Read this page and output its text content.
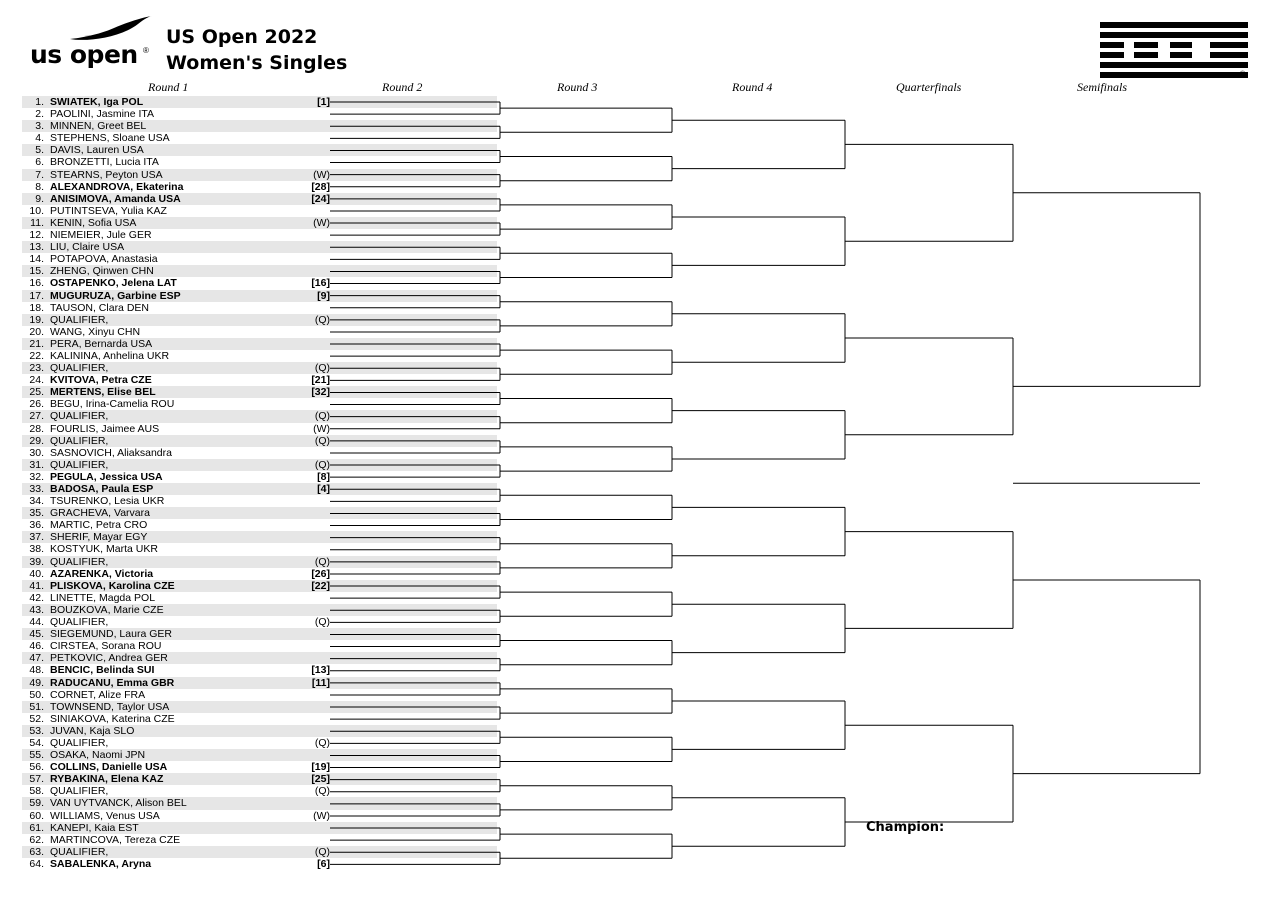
us open ®
US Open 2022
Women's Singles
®
Round 1	Round 2	Round 3	Round 4	Quarterfinals	Semifinals
1. SWIATEK, Iga POL	[1]
2. PAOLINI, Jasmine ITA
3. MINNEN, Greet BEL
4. STEPHENS, Sloane USA
5. DAVIS, Lauren USA
6. BRONZETTI, Lucia ITA
7. STEARNS, Peyton USA	(W)
8. ALEXANDROVA, Ekaterina	[28]
9. ANISIMOVA, Amanda USA	[24]
10. PUTINTSEVA, Yulia KAZ
11. KENIN, Sofia USA	(W)
12. NIEMEIER, Jule GER
13. LIU, Claire USA
14. POTAPOVA, Anastasia
15. ZHENG, Qinwen CHN
16. OSTAPENKO, Jelena LAT	[16]
17. MUGURUZA, Garbine ESP	[9]
18. TAUSON, Clara DEN
19. QUALIFIER,	(Q)
20. WANG, Xinyu CHN
21. PERA, Bernarda USA
22. KALININA, Anhelina UKR
23. QUALIFIER,	(Q)
24. KVITOVA, Petra CZE	[21]
25. MERTENS, Elise BEL	[32]
26. BEGU, Irina-Camelia ROU
27. QUALIFIER,	(Q)
28. FOURLIS, Jaimee AUS	(W)
29. QUALIFIER,	(Q)
30. SASNOVICH, Aliaksandra
31. QUALIFIER,	(Q)
32. PEGULA, Jessica USA	[8]
33. BADOSA, Paula ESP	[4]
34. TSURENKO, Lesia UKR
35. GRACHEVA, Varvara
36. MARTIC, Petra CRO
37. SHERIF, Mayar EGY
38. KOSTYUK, Marta UKR
39. QUALIFIER,	(Q)
40. AZARENKA, Victoria	[26]
41. PLISKOVA, Karolina CZE	[22]
42. LINETTE, Magda POL
43. BOUZKOVA, Marie CZE
44. QUALIFIER,	(Q)
45. SIEGEMUND, Laura GER
46. CIRSTEA, Sorana ROU
47. PETKOVIC, Andrea GER
48. BENCIC, Belinda SUI	[13]
49. RADUCANU, Emma GBR	[11]
50. CORNET, Alize FRA
51. TOWNSEND, Taylor USA
52. SINIAKOVA, Katerina CZE
53. JUVAN, Kaja SLO
54. QUALIFIER,	(Q)
55. OSAKA, Naomi JPN
56. COLLINS, Danielle USA	[19]
57. RYBAKINA, Elena KAZ	[25]
58. QUALIFIER,	(Q)
59. VAN UYTVANCK, Alison BEL
60. WILLIAMS, Venus USA	(W)
61. KANEPI, Kaia EST
62. MARTINCOVA, Tereza CZE
63. QUALIFIER,	(Q)
64. SABALENKA, Aryna	[6]
Champion:
